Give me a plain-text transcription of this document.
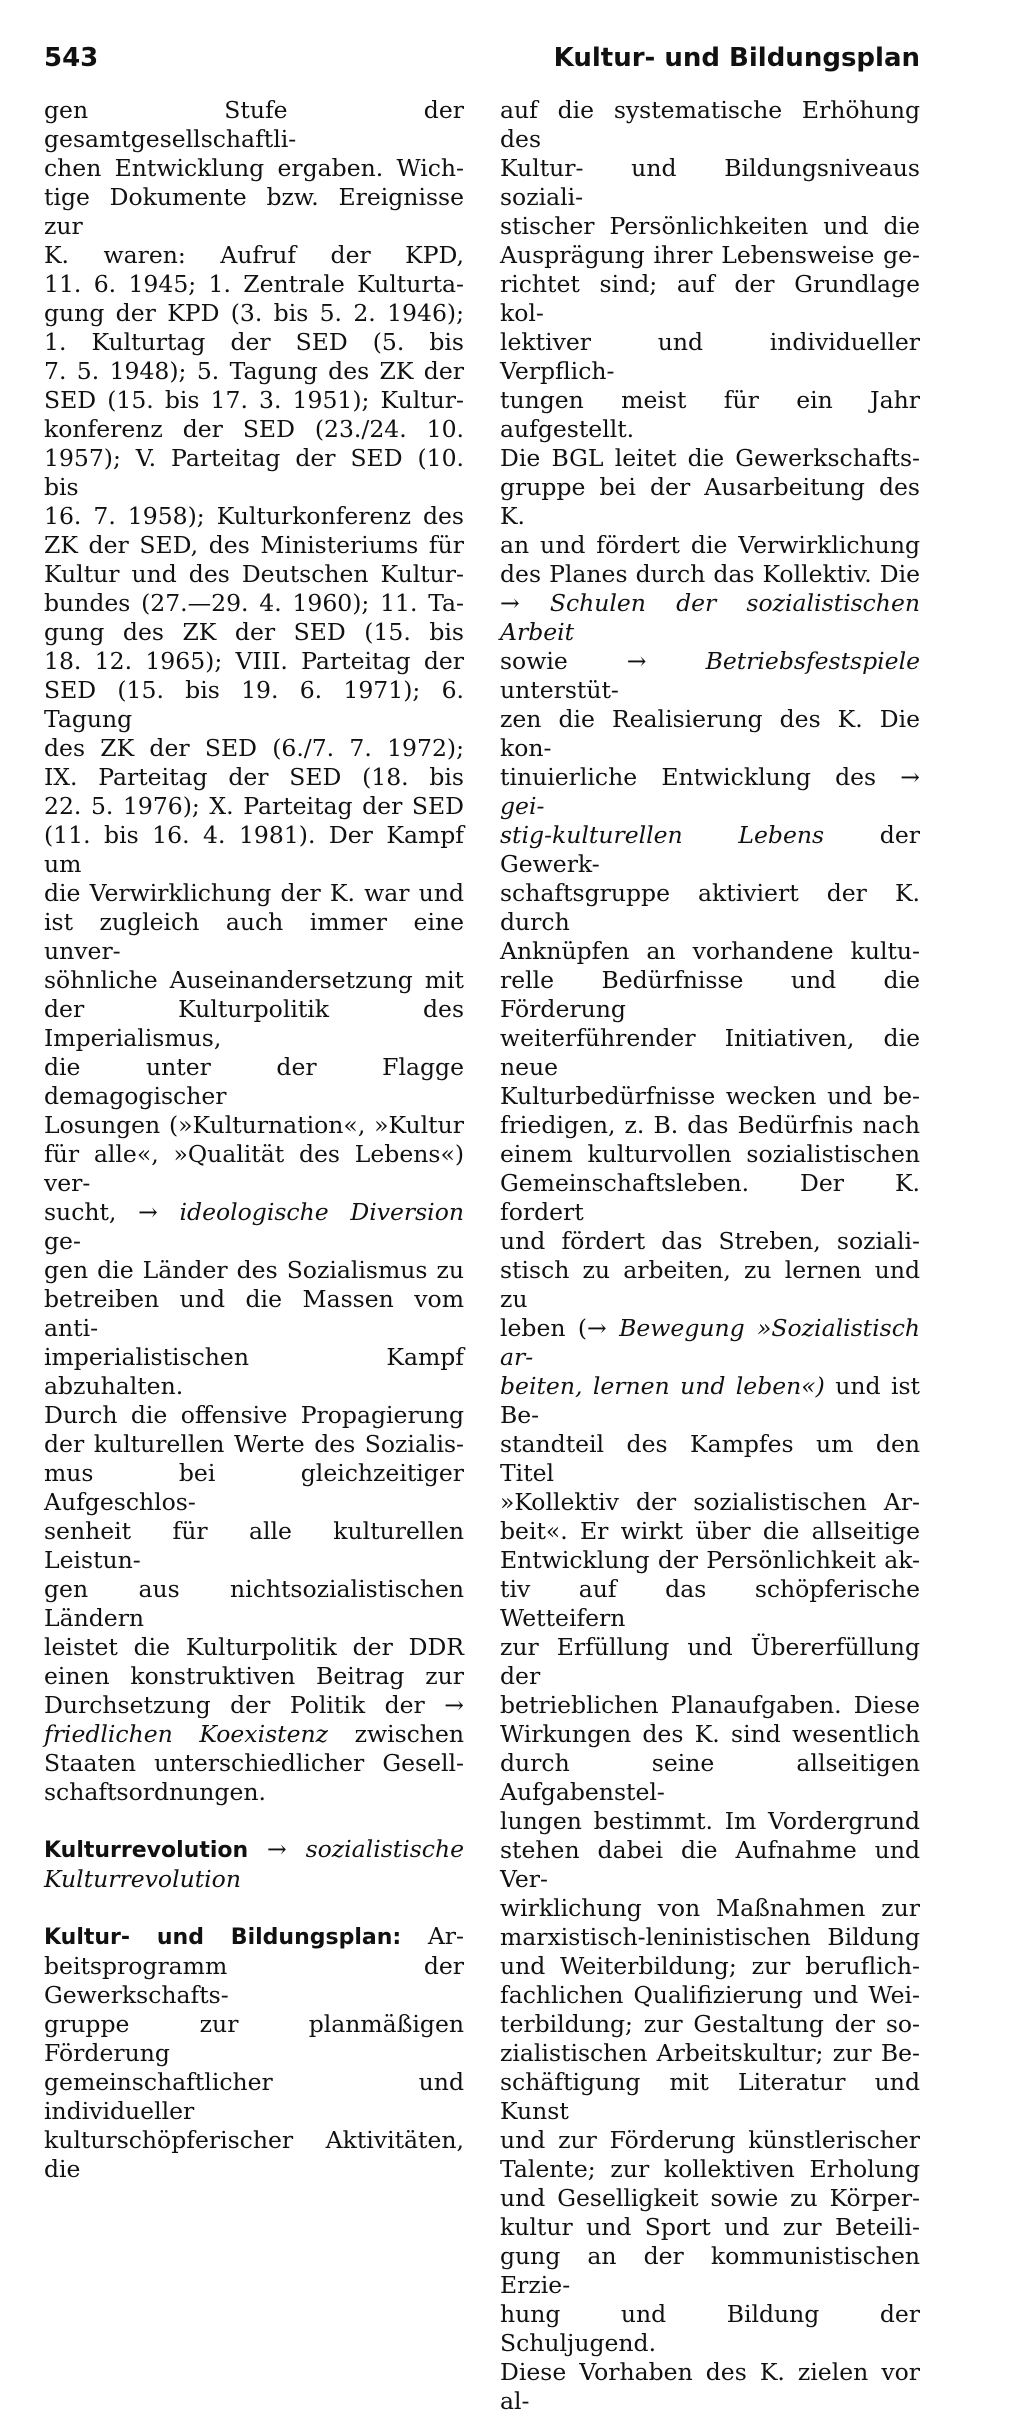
543	Kultur- und Bildungsplan
gen Stufe der gesamtgesellschaftli-
chen Entwicklung ergaben. Wich-
tige Dokumente bzw. Ereignisse zur
K. waren: Aufruf der KPD,
11. 6. 1945; 1. Zentrale Kulturta-
gung der KPD (3. bis 5. 2. 1946);
1. Kulturtag der SED (5. bis
7. 5. 1948); 5. Tagung des ZK der
SED (15. bis 17. 3. 1951); Kultur-
konferenz der SED (23./24. 10.
1957); V. Parteitag der SED (10. bis
16. 7. 1958); Kulturkonferenz des
ZK der SED, des Ministeriums für
Kultur und des Deutschen Kultur-
bundes (27.—29. 4. 1960); 11. Ta-
gung des ZK der SED (15. bis
18. 12. 1965); VIII. Parteitag der
SED (15. bis 19. 6. 1971); 6. Tagung
des ZK der SED (6./7. 7. 1972);
IX. Parteitag der SED (18. bis
22. 5. 1976); X. Parteitag der SED
(11. bis 16. 4. 1981). Der Kampf um
die Verwirklichung der K. war und
ist zugleich auch immer eine unver-
söhnliche Auseinandersetzung mit
der Kulturpolitik des Imperialismus,
die unter der Flagge demagogischer
Losungen (»Kulturnation«, »Kultur
für alle«, »Qualität des Lebens«) ver-
sucht, → ideologische Diversion ge-
gen die Länder des Sozialismus zu
betreiben und die Massen vom anti-
imperialistischen Kampf abzuhalten.
Durch die offensive Propagierung
der kulturellen Werte des Sozialis-
mus bei gleichzeitiger Aufgeschlos-
senheit für alle kulturellen Leistun-
gen aus nichtsozialistischen Ländern
leistet die Kulturpolitik der DDR
einen konstruktiven Beitrag zur
Durchsetzung der Politik der →
friedlichen Koexistenz zwischen
Staaten unterschiedlicher Gesell-
schaftsordnungen.
Kulturrevolution → sozialistische
Kulturrevolution
Kultur- und Bildungsplan: Ar-
beitsprogramm der Gewerkschafts-
gruppe zur planmäßigen Förderung
gemeinschaftlicher und individueller
kulturschöpferischer Aktivitäten, die
auf die systematische Erhöhung des
Kultur- und Bildungsniveaus soziali-
stischer Persönlichkeiten und die
Ausprägung ihrer Lebensweise ge-
richtet sind; auf der Grundlage kol-
lektiver und individueller Verpflich-
tungen meist für ein Jahr aufgestellt.
Die BGL leitet die Gewerkschafts-
gruppe bei der Ausarbeitung des K.
an und fördert die Verwirklichung
des Planes durch das Kollektiv. Die
→ Schulen der sozialistischen Arbeit
sowie → Betriebsfestspiele unterstüt-
zen die Realisierung des K. Die kon-
tinuierliche Entwicklung des → gei-
stig-kulturellen Lebens der Gewerk-
schaftsgruppe aktiviert der K. durch
Anknüpfen an vorhandene kultu-
relle Bedürfnisse und die Förderung
weiterführender Initiativen, die neue
Kulturbedürfnisse wecken und be-
friedigen, z. B. das Bedürfnis nach
einem kulturvollen sozialistischen
Gemeinschaftsleben. Der K. fordert
und fördert das Streben, soziali-
stisch zu arbeiten, zu lernen und zu
leben (→ Bewegung »Sozialistisch ar-
beiten, lernen und leben«) und ist Be-
standteil des Kampfes um den Titel
»Kollektiv der sozialistischen Ar-
beit«. Er wirkt über die allseitige
Entwicklung der Persönlichkeit ak-
tiv auf das schöpferische Wetteifern
zur Erfüllung und Übererfüllung der
betrieblichen Planaufgaben. Diese
Wirkungen des K. sind wesentlich
durch seine allseitigen Aufgabenstel-
lungen bestimmt. Im Vordergrund
stehen dabei die Aufnahme und Ver-
wirklichung von Maßnahmen zur
marxistisch-leninistischen Bildung
und Weiterbildung; zur beruflich-
fachlichen Qualifizierung und Wei-
terbildung; zur Gestaltung der so-
zialistischen Arbeitskultur; zur Be-
schäftigung mit Literatur und Kunst
und zur Förderung künstlerischer
Talente; zur kollektiven Erholung
und Geselligkeit sowie zu Körper-
kultur und Sport und zur Beteili-
gung an der kommunistischen Erzie-
hung und Bildung der Schuljugend.
Diese Vorhaben des K. zielen vor al-
